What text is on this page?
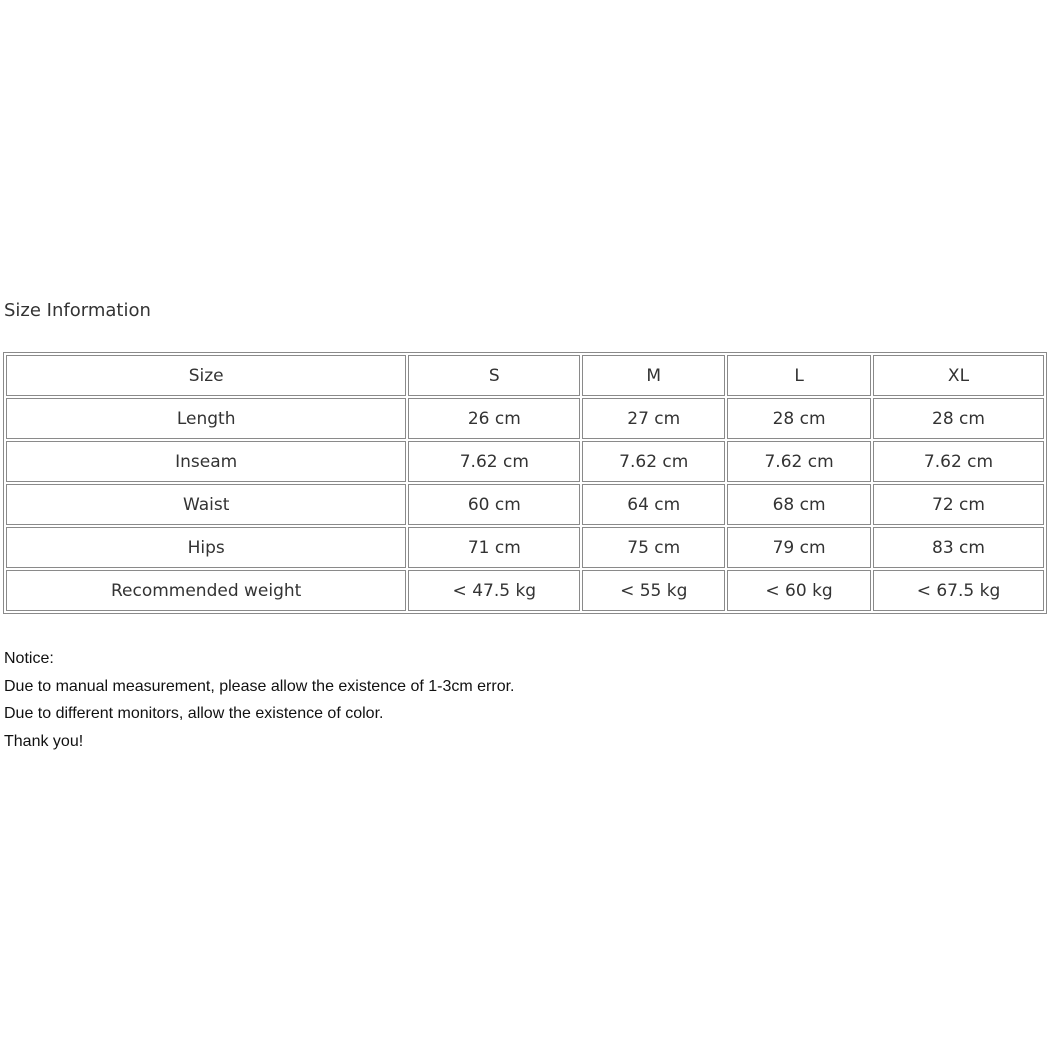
Size Information
Size	S	M	L	XL
Length	26 cm	27 cm	28 cm	28 cm
Inseam	7.62 cm	7.62 cm	7.62 cm	7.62 cm
Waist	60 cm	64 cm	68 cm	72 cm
Hips	71 cm	75 cm	79 cm	83 cm
Recommended weight	< 47.5 kg	< 55 kg	< 60 kg	< 67.5 kg
Notice:
Due to manual measurement, please allow the existence of 1-3cm error.
Due to different monitors, allow the existence of color.
Thank you!
